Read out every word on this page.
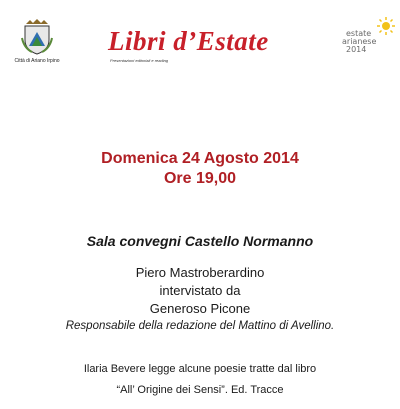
Città di Ariano Irpino
Libri d’Estate
Presentazioni editoriali e reading
estate
arianese
2014
Domenica 24 Agosto 2014
Ore 19,00
Sala convegni Castello Normanno
Piero Mastroberardino
intervistato da
Generoso Picone
Responsabile della redazione del Mattino di Avellino.
Ilaria Bevere legge alcune poesie tratte dal libro
“All’ Origine dei Sensi”. Ed. Tracce
